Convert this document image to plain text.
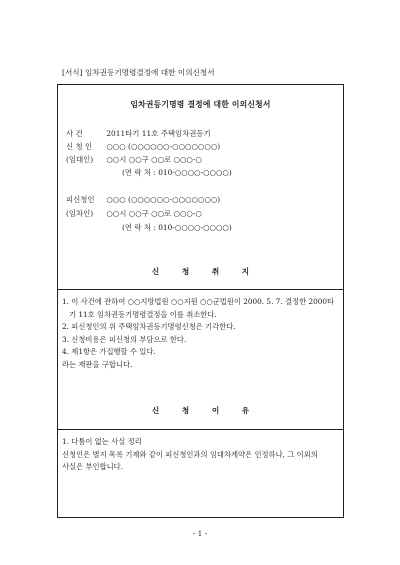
[서식] 임차권등기명령결정에 대한 이의신청서
임차권등기명령 결정에 대한 이의신청서
사 건	2011타기 11호 주택임차권등기
신 청 인 ○○○ (○○○○○○-○○○○○○○)
(임대인) ○○시 ○○구 ○○로 ○○○-○
(연 락 처 : 010-○○○○-○○○○)
피신청인 ○○○ (○○○○○○-○○○○○○○)
(임차인) ○○시 ○○구 ○○로 ○○○-○
(연 락 처 : 010-○○○○-○○○○)
신 청 취 지
1. 이 사건에 관하여 ○○지방법원 ○○지원 ○○군법원이 2000. 5. 7. 결정한 2000타
기 11호 임차권등기명령결정을 이를 취소한다.
2. 피신청인의 위 주택임차권등기명령신청은 기각한다.
3. 신청비용은 피신청의 부담으로 한다.
4. 제1항은 가집행할 수 있다.
라는 재판을 구합니다.
신 청 이 유
1. 다툼이 없는 사실 정리
신청인은 별지 목록 기재와 같이 피신청인과의 임대차계약은 인정하나, 그 이외의
사실은 부인합니다.
- 1 -
